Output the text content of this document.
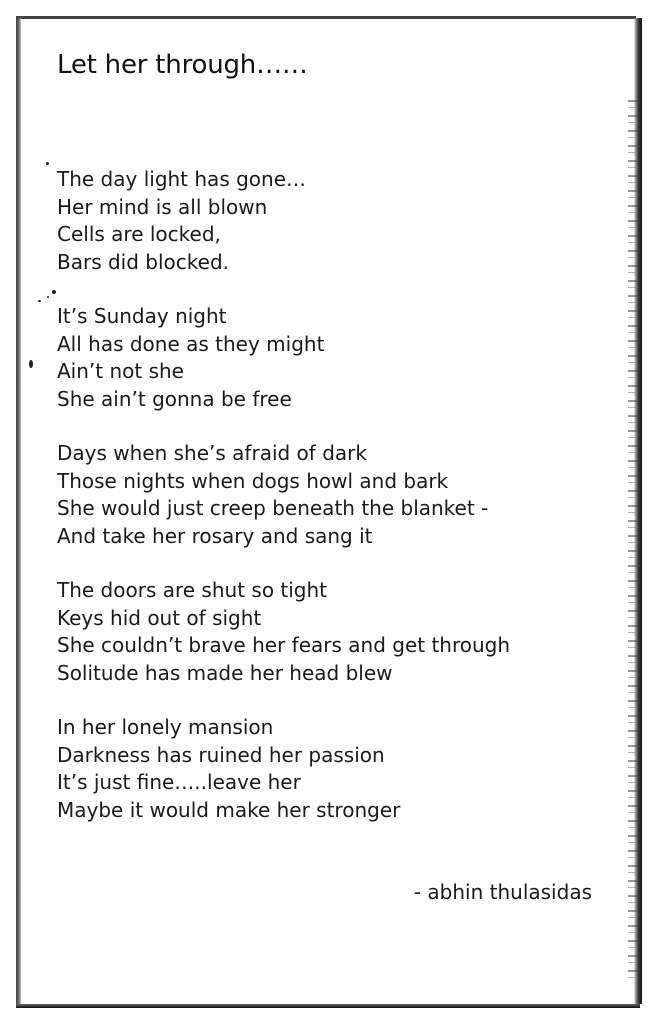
Let her through……
The day light has gone…
Her mind is all blown
Cells are locked,
Bars did blocked.
It’s Sunday night
All has done as they might
Ain’t not she
She ain’t gonna be free
Days when she’s afraid of dark
Those nights when dogs howl and bark
She would just creep beneath the blanket -
And take her rosary and sang it
The doors are shut so tight
Keys hid out of sight
She couldn’t brave her fears and get through
Solitude has made her head blew
In her lonely mansion
Darkness has ruined her passion
It’s just fine…..leave her
Maybe it would make her stronger
- abhin thulasidas
